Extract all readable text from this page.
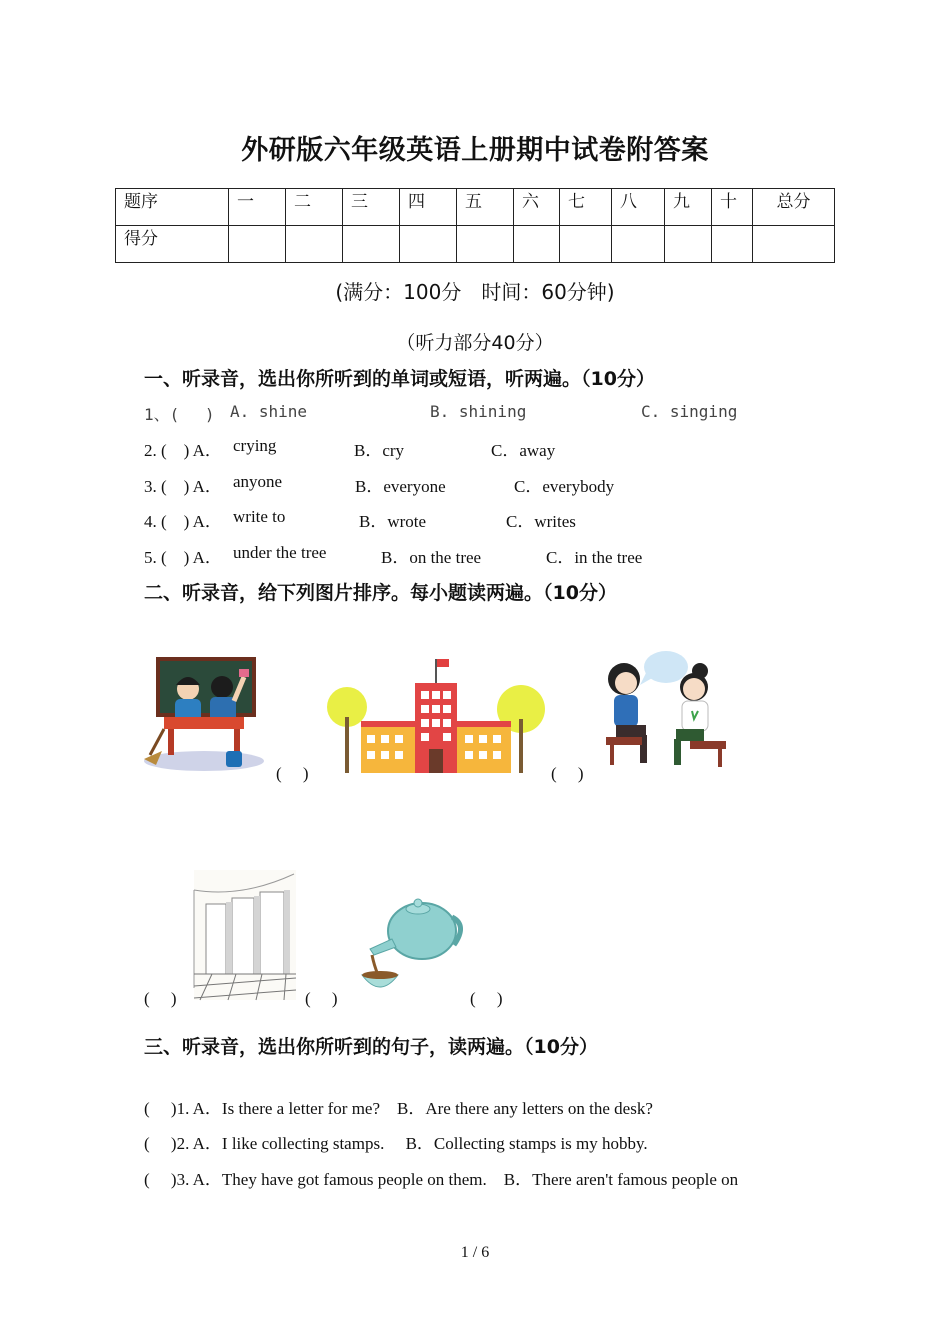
外研版六年级英语上册期中试卷附答案
题序	一	二	三	四	五	六	七	八	九	十	总分
得分											
(满分：100分　时间：60分钟)
（听力部分40分）
一、听录音，选出你所听到的单词或短语，听两遍。（10分）
1、(　 ) A. shine	B. shining	C. singing
2. (　) A． crying	B．cry	C．away
3. (　) A． anyone	B．everyone	C．everybody
4. (　) A． write to	B．wrote	C．writes
5. (　) A． under the tree	B．on the tree	C．in the tree
二、听录音，给下列图片排序。每小题读两遍。（10分）
(　 )	(　 )
(　 )	(　 )	(　 )
三、听录音，选出你所听到的句子，读两遍。（10分）
(　 )1. A．Is there a letter for me?　B．Are there any letters on the desk?
(　 )2. A．I like collecting stamps.　 B．Collecting stamps is my hobby.
(　 )3. A．They have got famous people on them.　B．There aren't famous people on
1 / 6
